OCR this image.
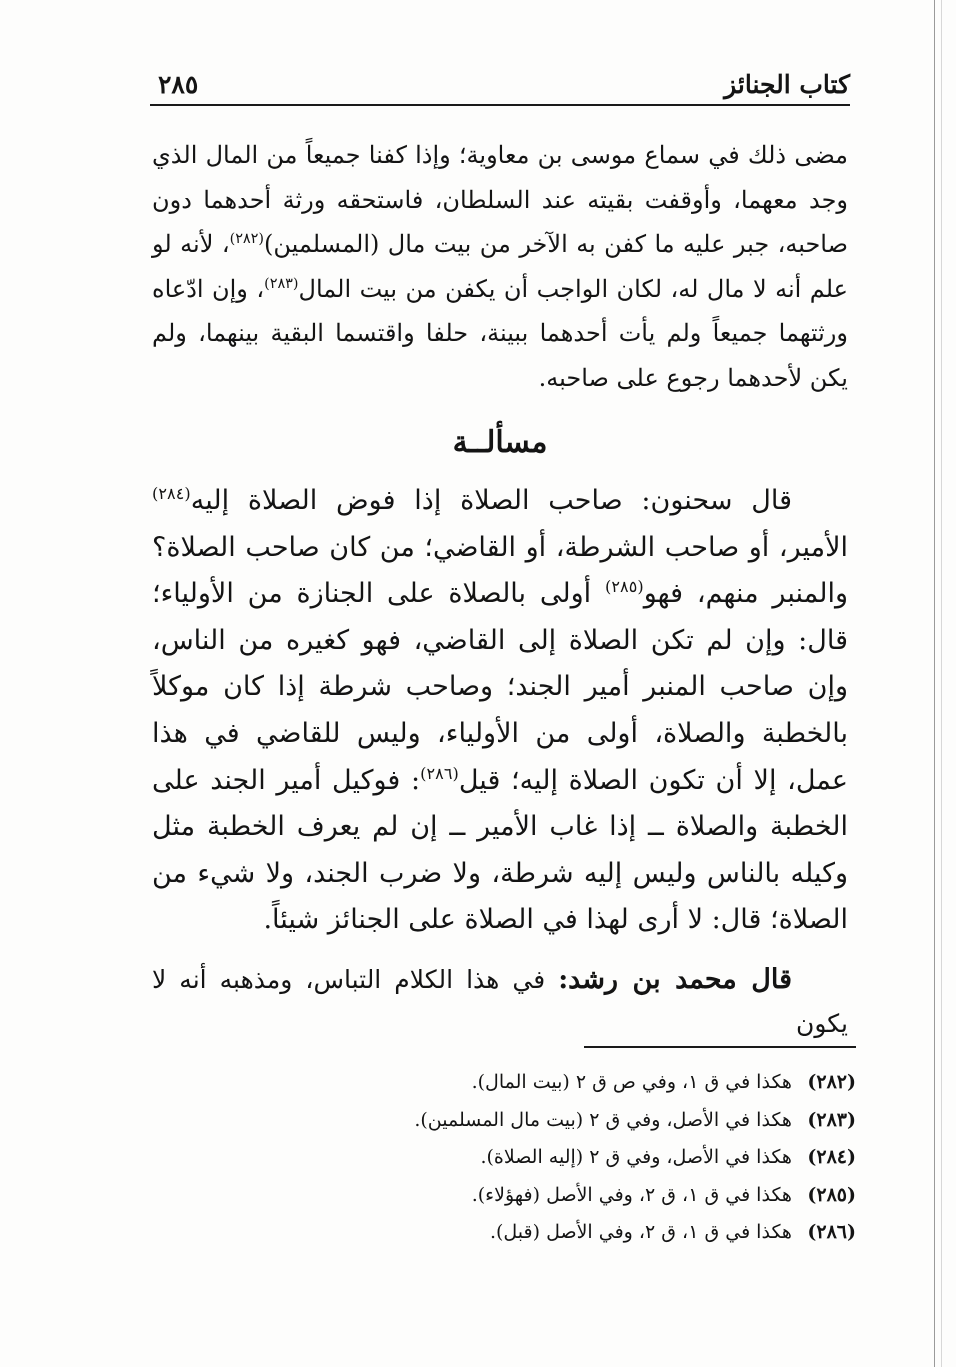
كتاب الجنائز
٢٨٥

مضى ذلك في سماع موسى بن معاوية؛ وإذا كفنا جميعاً من المال الذي وجد معهما، وأوقفت بقيته عند السلطان، فاستحقه ورثة أحدهما دون صاحبه، جبر عليه ما كفن به الآخر من بيت مال (المسلمين)$^{(٢٨٢)}$، لأنه لو علم أنه لا مال له، لكان الواجب أن يكفن من بيت المال$^{(٢٨٣)}$، وإن ادّعاه ورثتهما جميعاً ولم يأت أحدهما ببينة، حلفا واقتسما البقية بينهما، ولم يكن لأحدهما رجوع على صاحبه.

مسألــة

قال سحنون: صاحب الصلاة إذا فوض الصلاة إليه$^{(٢٨٤)}$ الأمير، أو صاحب الشرطة، أو القاضي؛ من كان صاحب الصلاة؟ والمنبر منهم، فهو$^{(٢٨٥)}$ أولى بالصلاة على الجنازة من الأولياء؛ قال: وإن لم تكن الصلاة إلى القاضي، فهو كغيره من الناس، وإن صاحب المنبر أمير الجند؛ وصاحب شرطة إذا كان موكلاً بالخطبة والصلاة، أولى من الأولياء، وليس للقاضي في هذا عمل، إلا أن تكون الصلاة إليه؛ قيل$^{(٢٨٦)}$: فوكيل أمير الجند على الخطبة والصلاة ــ إذا غاب الأمير ــ إن لم يعرف الخطبة مثل وكيله بالناس وليس إليه شرطة، ولا ضرب الجند، ولا شيء من الصلاة؛ قال: لا أرى لهذا في الصلاة على الجنائز شيئاً.

قال محمد بن رشد: في هذا الكلام التباس، ومذهبه أنه لا يكون

(٢٨٢) هكذا في ق ١، وفي ص ق ٢ (بيت المال).
(٢٨٣) هكذا في الأصل، وفي ق ٢ (بيت مال المسلمين).
(٢٨٤) هكذا في الأصل، وفي ق ٢ (إليه الصلاة).
(٢٨٥) هكذا في ق ١، ق ٢، وفي الأصل (فهؤلاء).
(٢٨٦) هكذا في ق ١، ق ٢، وفي الأصل (قبل).
